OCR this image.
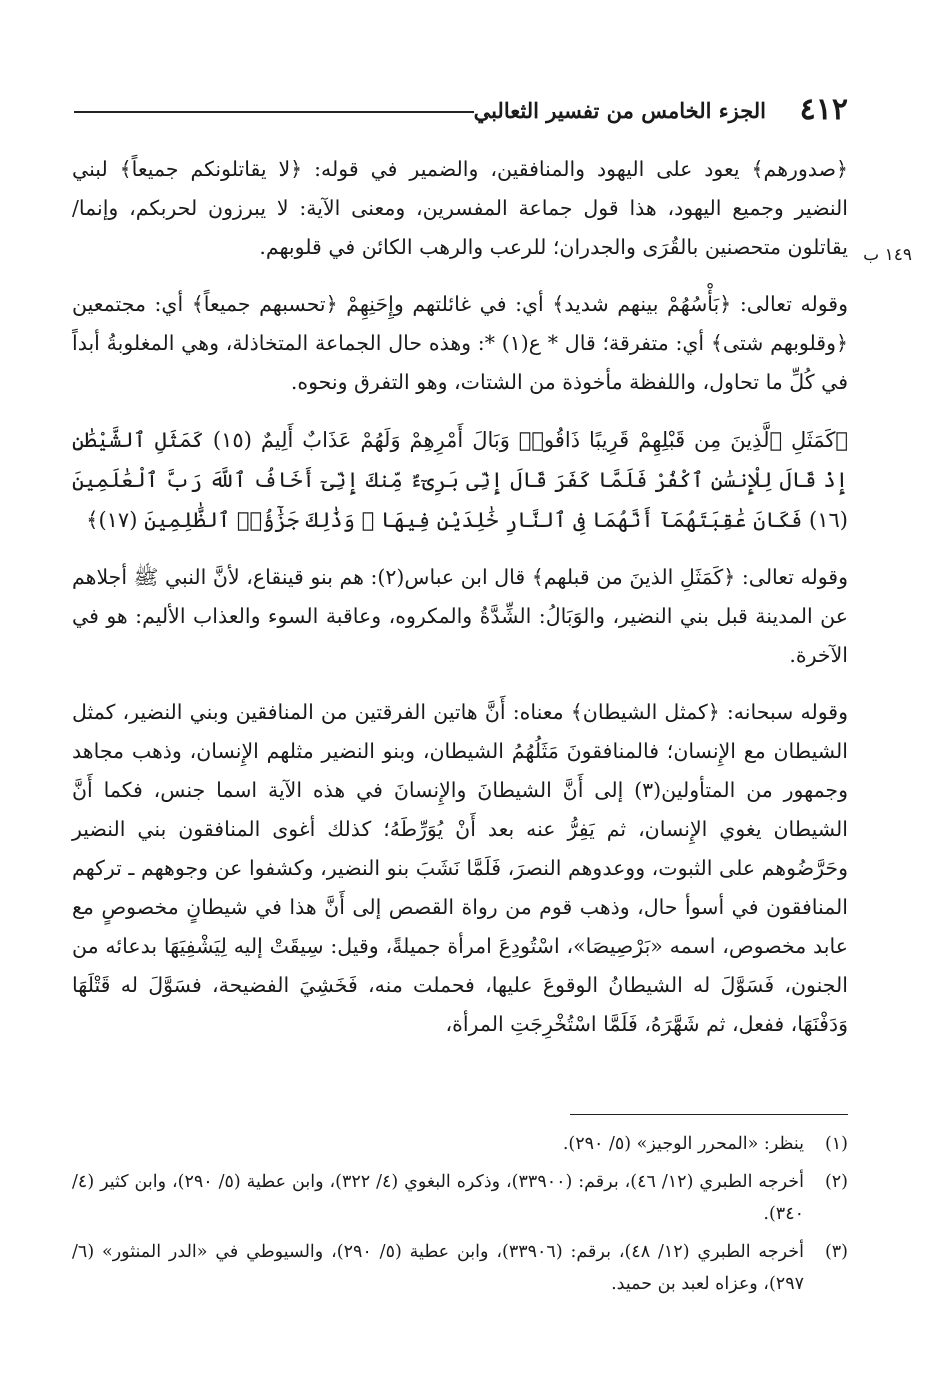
٤١٢
الجزء الخامس من تفسير الثعالبي
١٤٩ ب

﴿صدورهم﴾ يعود على اليهود والمنافقين، والضمير في قوله: ﴿لا يقاتلونكم جميعاً﴾ لبني النضير وجميع اليهود، هذا قول جماعة المفسرين، ومعنى الآية: لا يبرزون لحربكم، وإنما/ يقاتلون متحصنين بالقُرَى والجدران؛ للرعب والرهب الكائن في قلوبهم.

وقوله تعالى: ﴿بَأْسُهُمْ بينهم شديد﴾ أي: في غائلتهم وإِحَنِهِمْ ﴿تحسبهم جميعاً﴾ أي: مجتمعين ﴿وقلوبهم شتى﴾ أي: متفرقة؛ قال * ع(١) *: وهذه حال الجماعة المتخاذلة، وهي المغلوبةُ أبداً في كُلِّ ما تحاول، واللفظة مأخوذة من الشتات، وهو التفرق ونحوه.

﴿كَمَثَلِ ٱلَّذِينَ مِن قَبْلِهِمْ قَرِيبًا ذَاقُوا۟ وَبَالَ أَمْرِهِمْ وَلَهُمْ عَذَابٌ أَلِيمٌ (١٥) كَمَثَلِ ٱلشَّيْطَٰنِ إِذْ قَالَ لِلْإِنسَٰنِ ٱكْفُرْ فَلَمَّا كَفَرَ قَالَ إِنِّى بَرِىٓءٌ مِّنكَ إِنِّىٓ أَخَافُ ٱللَّهَ رَبَّ ٱلْعَٰلَمِينَ (١٦) فَكَانَ عَٰقِبَتَهُمَآ أَنَّهُمَا فِى ٱلنَّارِ خَٰلِدَيْنِ فِيهَا ۚ وَذَٰلِكَ جَزَٰٓؤُا۟ ٱلظَّٰلِمِينَ (١٧)﴾

وقوله تعالى: ﴿كَمَثَلِ الذينَ من قبلهم﴾ قال ابن عباس(٢): هم بنو قينقاع، لأنَّ النبي ﷺ أجلاهم عن المدينة قبل بني النضير، والوَبَالُ: الشِّدَّةُ والمكروه، وعاقبة السوء والعذاب الأليم: هو في الآخرة.

وقوله سبحانه: ﴿كمثل الشيطان﴾ معناه: أَنَّ هاتين الفرقتين من المنافقين وبني النضير، كمثل الشيطان مع الإِنسان؛ فالمنافقونَ مَثَلُهُمُ الشيطان، وبنو النضير مثلهم الإِنسان، وذهب مجاهد وجمهور من المتأولين(٣) إلى أَنَّ الشيطانَ والإِنسانَ في هذه الآية اسما جنس، فكما أَنَّ الشيطان يغوي الإِنسان، ثم يَفِرُّ عنه بعد أَنْ يُوَرِّطَهُ؛ كذلك أغوى المنافقون بني النضير وحَرَّضُوهم على الثبوت، ووعدوهم النصرَ، فَلَمَّا نَشَبَ بنو النضير، وكشفوا عن وجوههم ـ تركهم المنافقون في أسوأ حال، وذهب قوم من رواة القصص إلى أَنَّ هذا في شيطانٍ مخصوصٍ مع عابد مخصوص، اسمه «بَرْصِيصَا»، اسْتُودِعَ امرأة جميلةً، وقيل: سِيقَتْ إليه لِيَشْفِيَهَا بدعائه من الجنون، فَسَوَّلَ له الشيطانُ الوقوعَ عليها، فحملت منه، فَخَشِيَ الفضيحة، فسَوَّلَ له قَتْلَهَا وَدَفْنَهَا، ففعل، ثم شَهَّرَهُ، فَلَمَّا اسْتُخْرِجَتِ المرأة،

(١)
ينظر: «المحرر الوجيز» (٥/ ٢٩٠).
(٢)
أخرجه الطبري (١٢/ ٤٦)، برقم: (٣٣٩٠٠)، وذكره البغوي (٤/ ٣٢٢)، وابن عطية (٥/ ٢٩٠)، وابن كثير (٤/ ٣٤٠).
(٣)
أخرجه الطبري (١٢/ ٤٨)، برقم: (٣٣٩٠٦)، وابن عطية (٥/ ٢٩٠)، والسيوطي في «الدر المنثور» (٦/ ٢٩٧)، وعزاه لعبد بن حميد.
